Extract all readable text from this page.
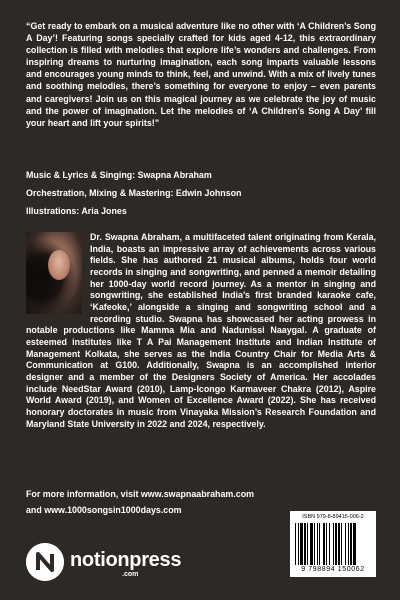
“Get ready to embark on a musical adventure like no other with ‘A Children’s Song A Day’! Featuring songs specially crafted for kids aged 4-12, this extraordinary collection is filled with melodies that explore life’s wonders and challenges. From inspiring dreams to nurturing imagination, each song imparts valuable lessons and encourages young minds to think, feel, and unwind. With a mix of lively tunes and soothing melodies, there’s something for everyone to enjoy – even parents and caregivers! Join us on this magical journey as we celebrate the joy of music and the power of imagination. Let the melodies of ‘A Children’s Song A Day’ fill your heart and lift your spirits!”

Music & Lyrics & Singing: Swapna Abraham

Orchestration, Mixing & Mastering: Edwin Johnson

Illustrations: Aria Jones

Dr. Swapna Abraham, a multifaceted talent originating from Kerala, India, boasts an impressive array of achievements across various fields. She has authored 21 musical albums, holds four world records in singing and songwriting, and penned a memoir detailing her 1000-day world record journey. As a mentor in singing and songwriting, she established India’s first branded karaoke cafe, ‘Kafeoke,’ alongside a singing and songwriting school and a recording studio. Swapna has showcased her acting prowess in notable productions like Mamma Mia and Nadunissi Naaygal. A graduate of esteemed institutes like T A Pai Management Institute and Indian Institute of Management Kolkata, she serves as the India Country Chair for Media Arts & Communication at G100. Additionally, Swapna is an accomplished interior designer and a member of the Designers Society of America. Her accolades include NeedStar Award (2010), Lamp-Icongo Karmaveer Chakra (2012), Aspire World Award (2019), and Women of Excellence Award (2022). She has received honorary doctorates in music from Vinayaka Mission’s Research Foundation and Maryland State University in 2022 and 2024, respectively.

For more information, visit www.swapnaabraham.com

and www.1000songsin1000days.com

ISBN 979-8-89415-006-2
9 798894 150062
notionpress
.com
